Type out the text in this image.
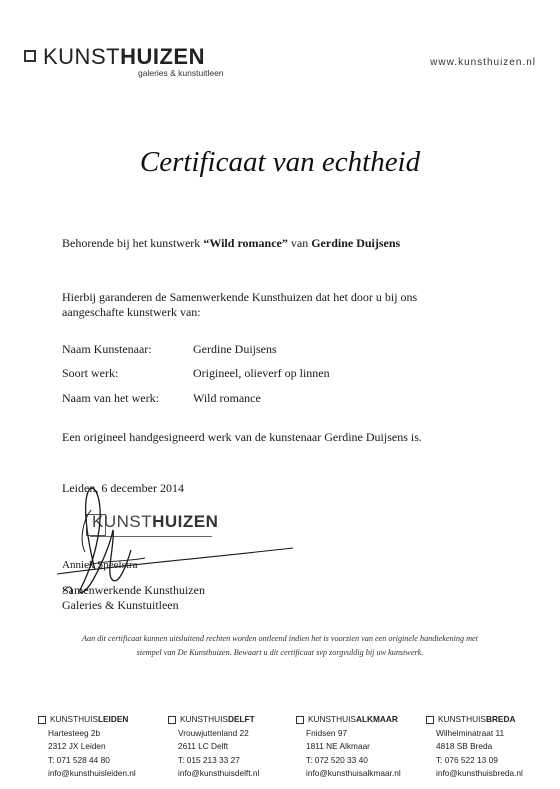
KUNSTHUIZEN
galeries & kunstuitleen
www.kunsthuizen.nl
Certificaat van echtheid
Behorende bij het kunstwerk “Wild romance” van Gerdine Duijsens
Hierbij garanderen de Samenwerkende Kunsthuizen dat het door u bij ons aangeschafte kunstwerk van:
Naam Kunstenaar:	Gerdine Duijsens
Soort werk:	Origineel, olieverf op linnen
Naam van het werk:	Wild romance
Een origineel handgesigneerd werk van de kunstenaar Gerdine Duijsens is.
Leiden, 6 december 2014
KUNSTHUIZEN
Annick Speelstra
Samenwerkende Kunsthuizen
Galeries & Kunstuitleen
Aan dit certificaat kunnen uitsluitend rechten worden ontleend indien het is voorzien van een originele handtekening met
stempel van De Kunsthuizen. Bewaart u dit certificaat svp zorgvuldig bij uw kunstwerk.
KUNSTHUIS LEIDEN
Hartesteeg 2b
2312 JX Leiden
T: 071 528 44 80
info@kunsthuisleiden.nl
KUNSTHUIS DELFT
Vrouwjuttenland 22
2611 LC Delft
T: 015 213 33 27
info@kunsthuisdelft.nl
KUNSTHUIS ALKMAAR
Fnidsen 97
1811 NE Alkmaar
T: 072 520 33 40
info@kunsthuisalkmaar.nl
KUNSTHUIS BREDA
Wilhelminatraat 11
4818 SB Breda
T: 076 522 13 09
info@kunsthuisbreda.nl
